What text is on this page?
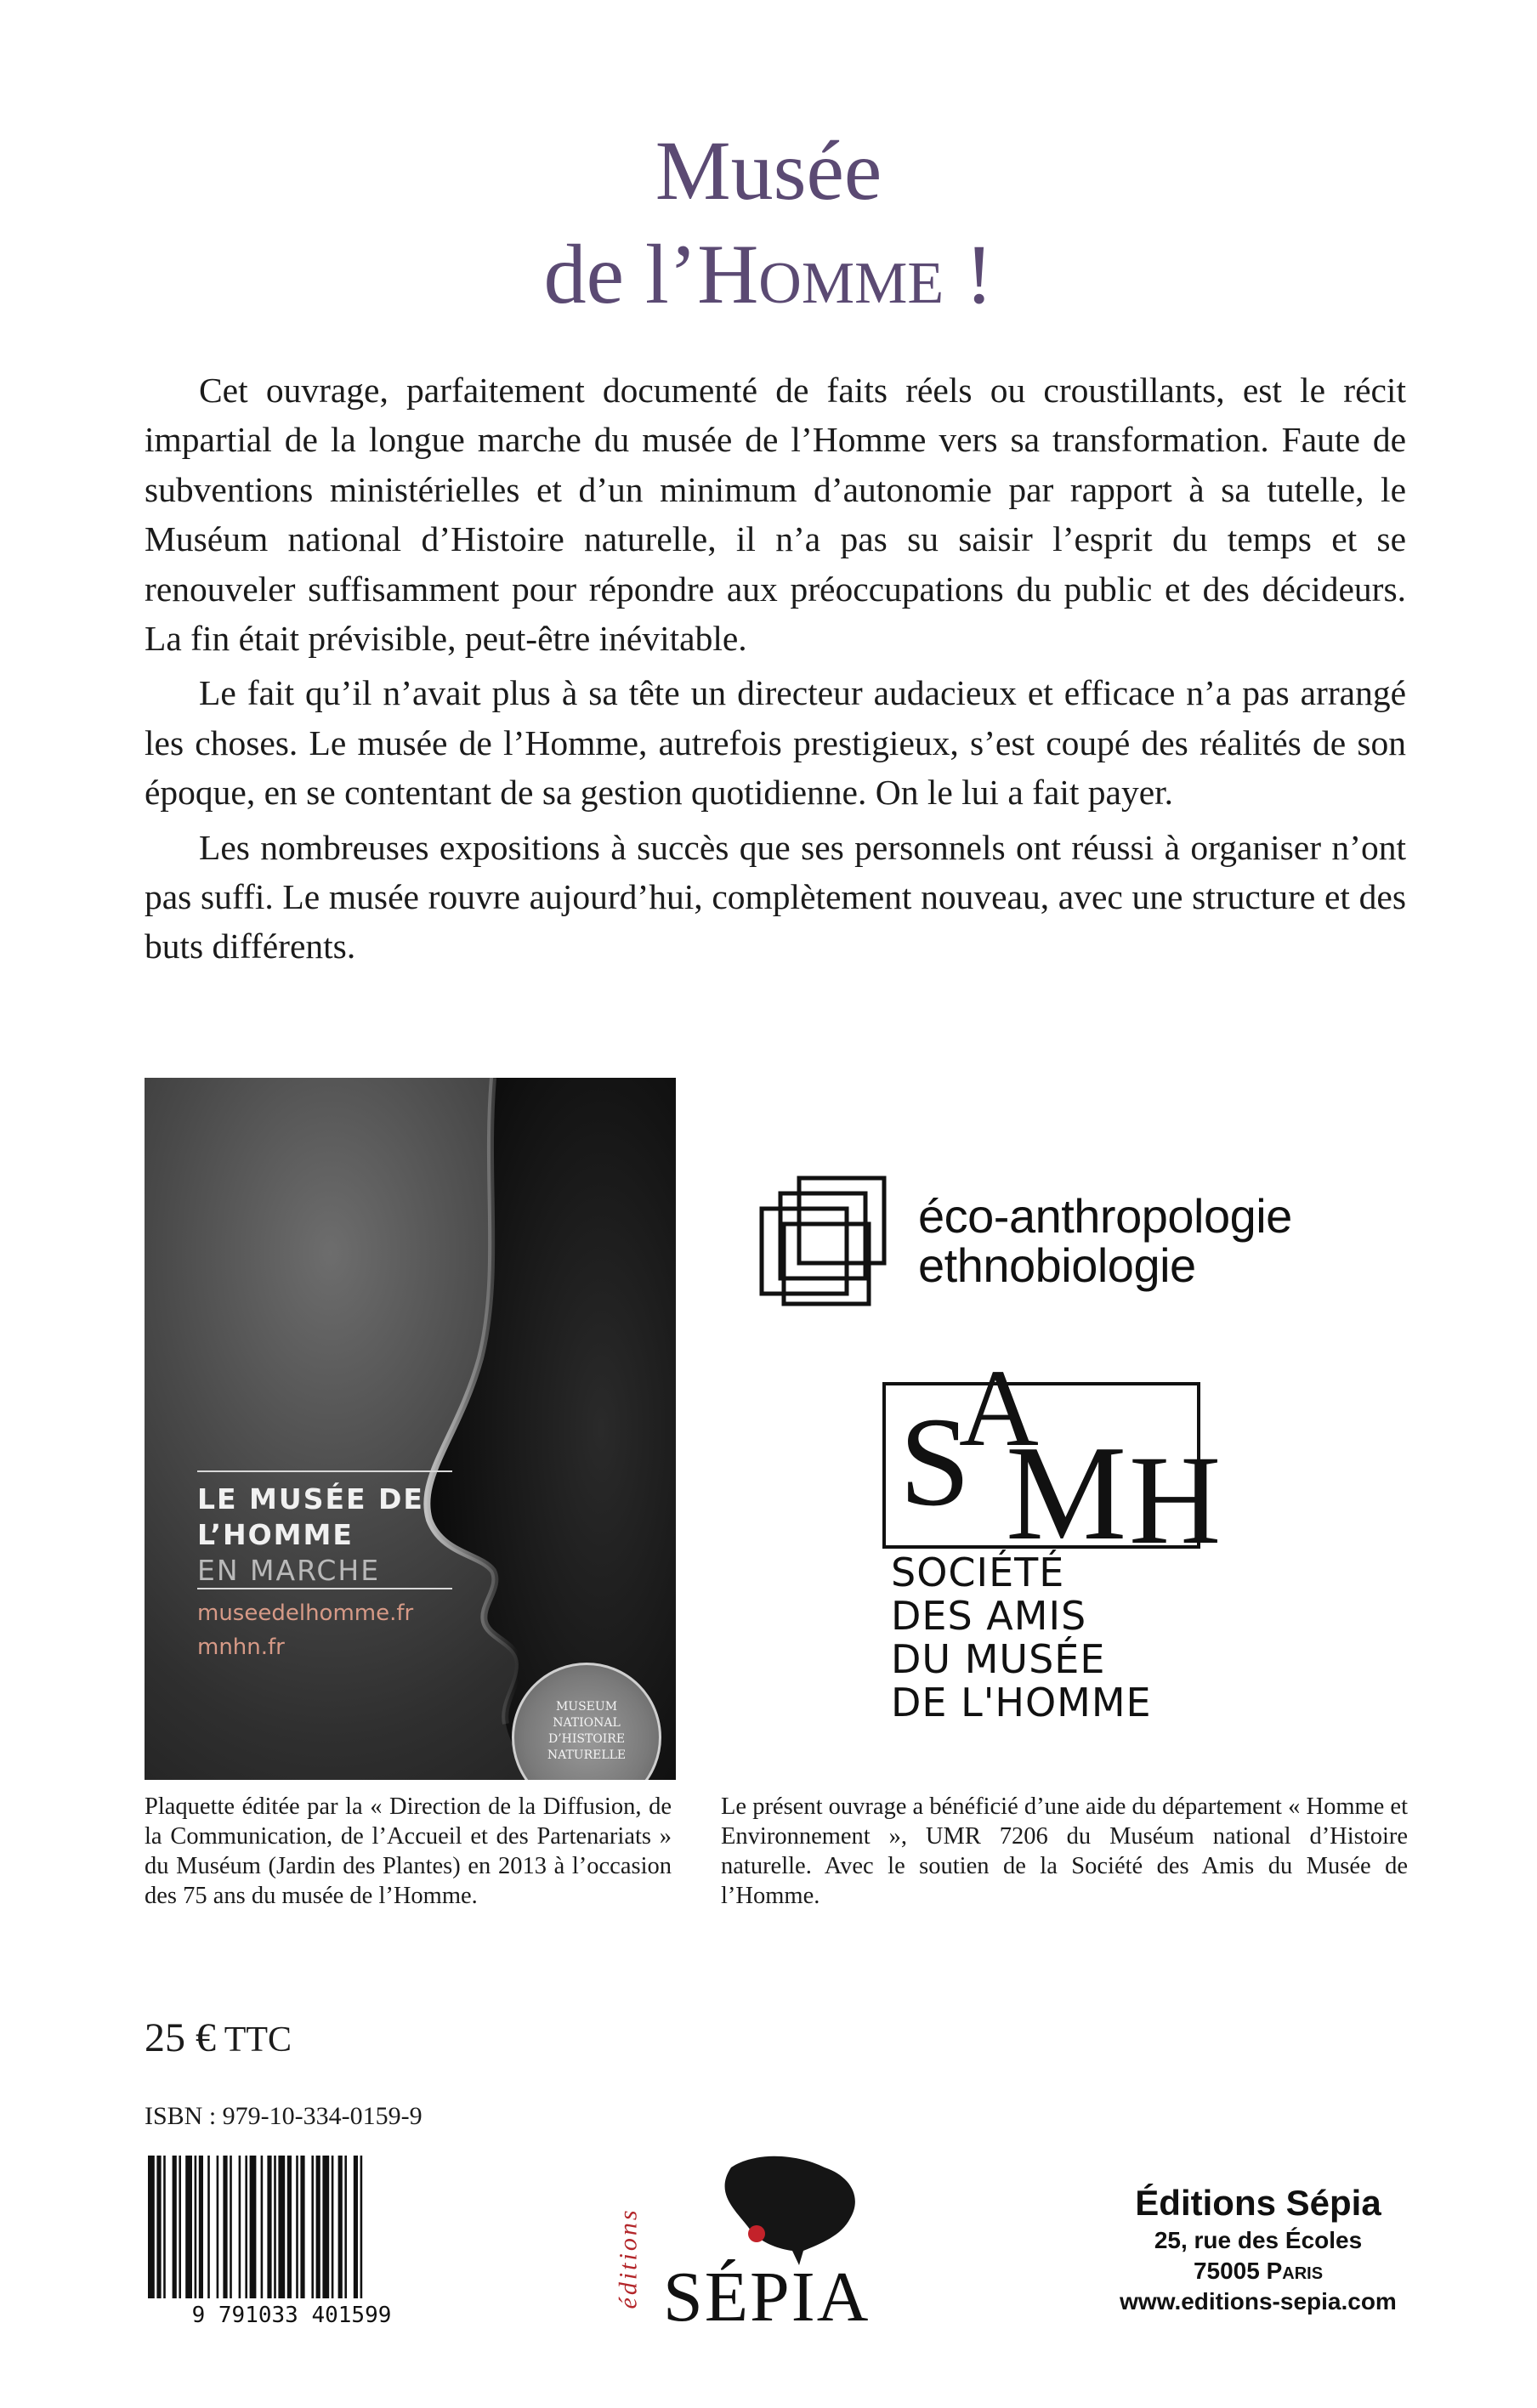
Musée
de l’Homme !

Cet ouvrage, parfaitement documenté de faits réels ou croustillants, est le récit impartial de la longue marche du musée de l’Homme vers sa transformation. Faute de subventions ministérielles et d’un minimum d’autonomie par rapport à sa tutelle, le Muséum national d’Histoire naturelle, il n’a pas su saisir l’esprit du temps et se renouveler suffisamment pour répondre aux préoccupations du public et des décideurs. La fin était prévisible, peut-être inévitable.

Le fait qu’il n’avait plus à sa tête un directeur audacieux et efficace n’a pas arrangé les choses. Le musée de l’Homme, autrefois prestigieux, s’est coupé des réalités de son époque, en se contentant de sa gestion quotidienne. On le lui a fait payer.

Les nombreuses expositions à succès que ses personnels ont réussi à organiser n’ont pas suffi. Le musée rouvre aujourd’hui, complètement nouveau, avec une structure et des buts différents.

LE MUSÉE DE
L’HOMME
EN MARCHE
museedelhomme.fr
mnhn.fr
MUSEUM
NATIONAL
D’HISTOIRE
NATURELLE
éco-anthropologie
ethnobiologie
S
A
M H
SOCIÉTÉ
DES AMIS
DU MUSÉE
DE L'HOMME
Plaquette éditée par la « Direction de la Diffusion, de la Communication, de l’Accueil et des Partenariats » du Muséum (Jardin des Plantes) en 2013 à l’occasion des 75 ans du musée de l’Homme.
Le présent ouvrage a bénéficié d’une aide du département « Homme et Environnement », UMR 7206 du Muséum national d’Histoire naturelle. Avec le soutien de la Société des Amis du Musée de l’Homme.
25 € TTC
ISBN : 979-10-334-0159-9
9 791033 401599
éditions SÉPIA
Éditions Sépia
25, rue des Écoles
75005 Paris
www.editions-sepia.com
